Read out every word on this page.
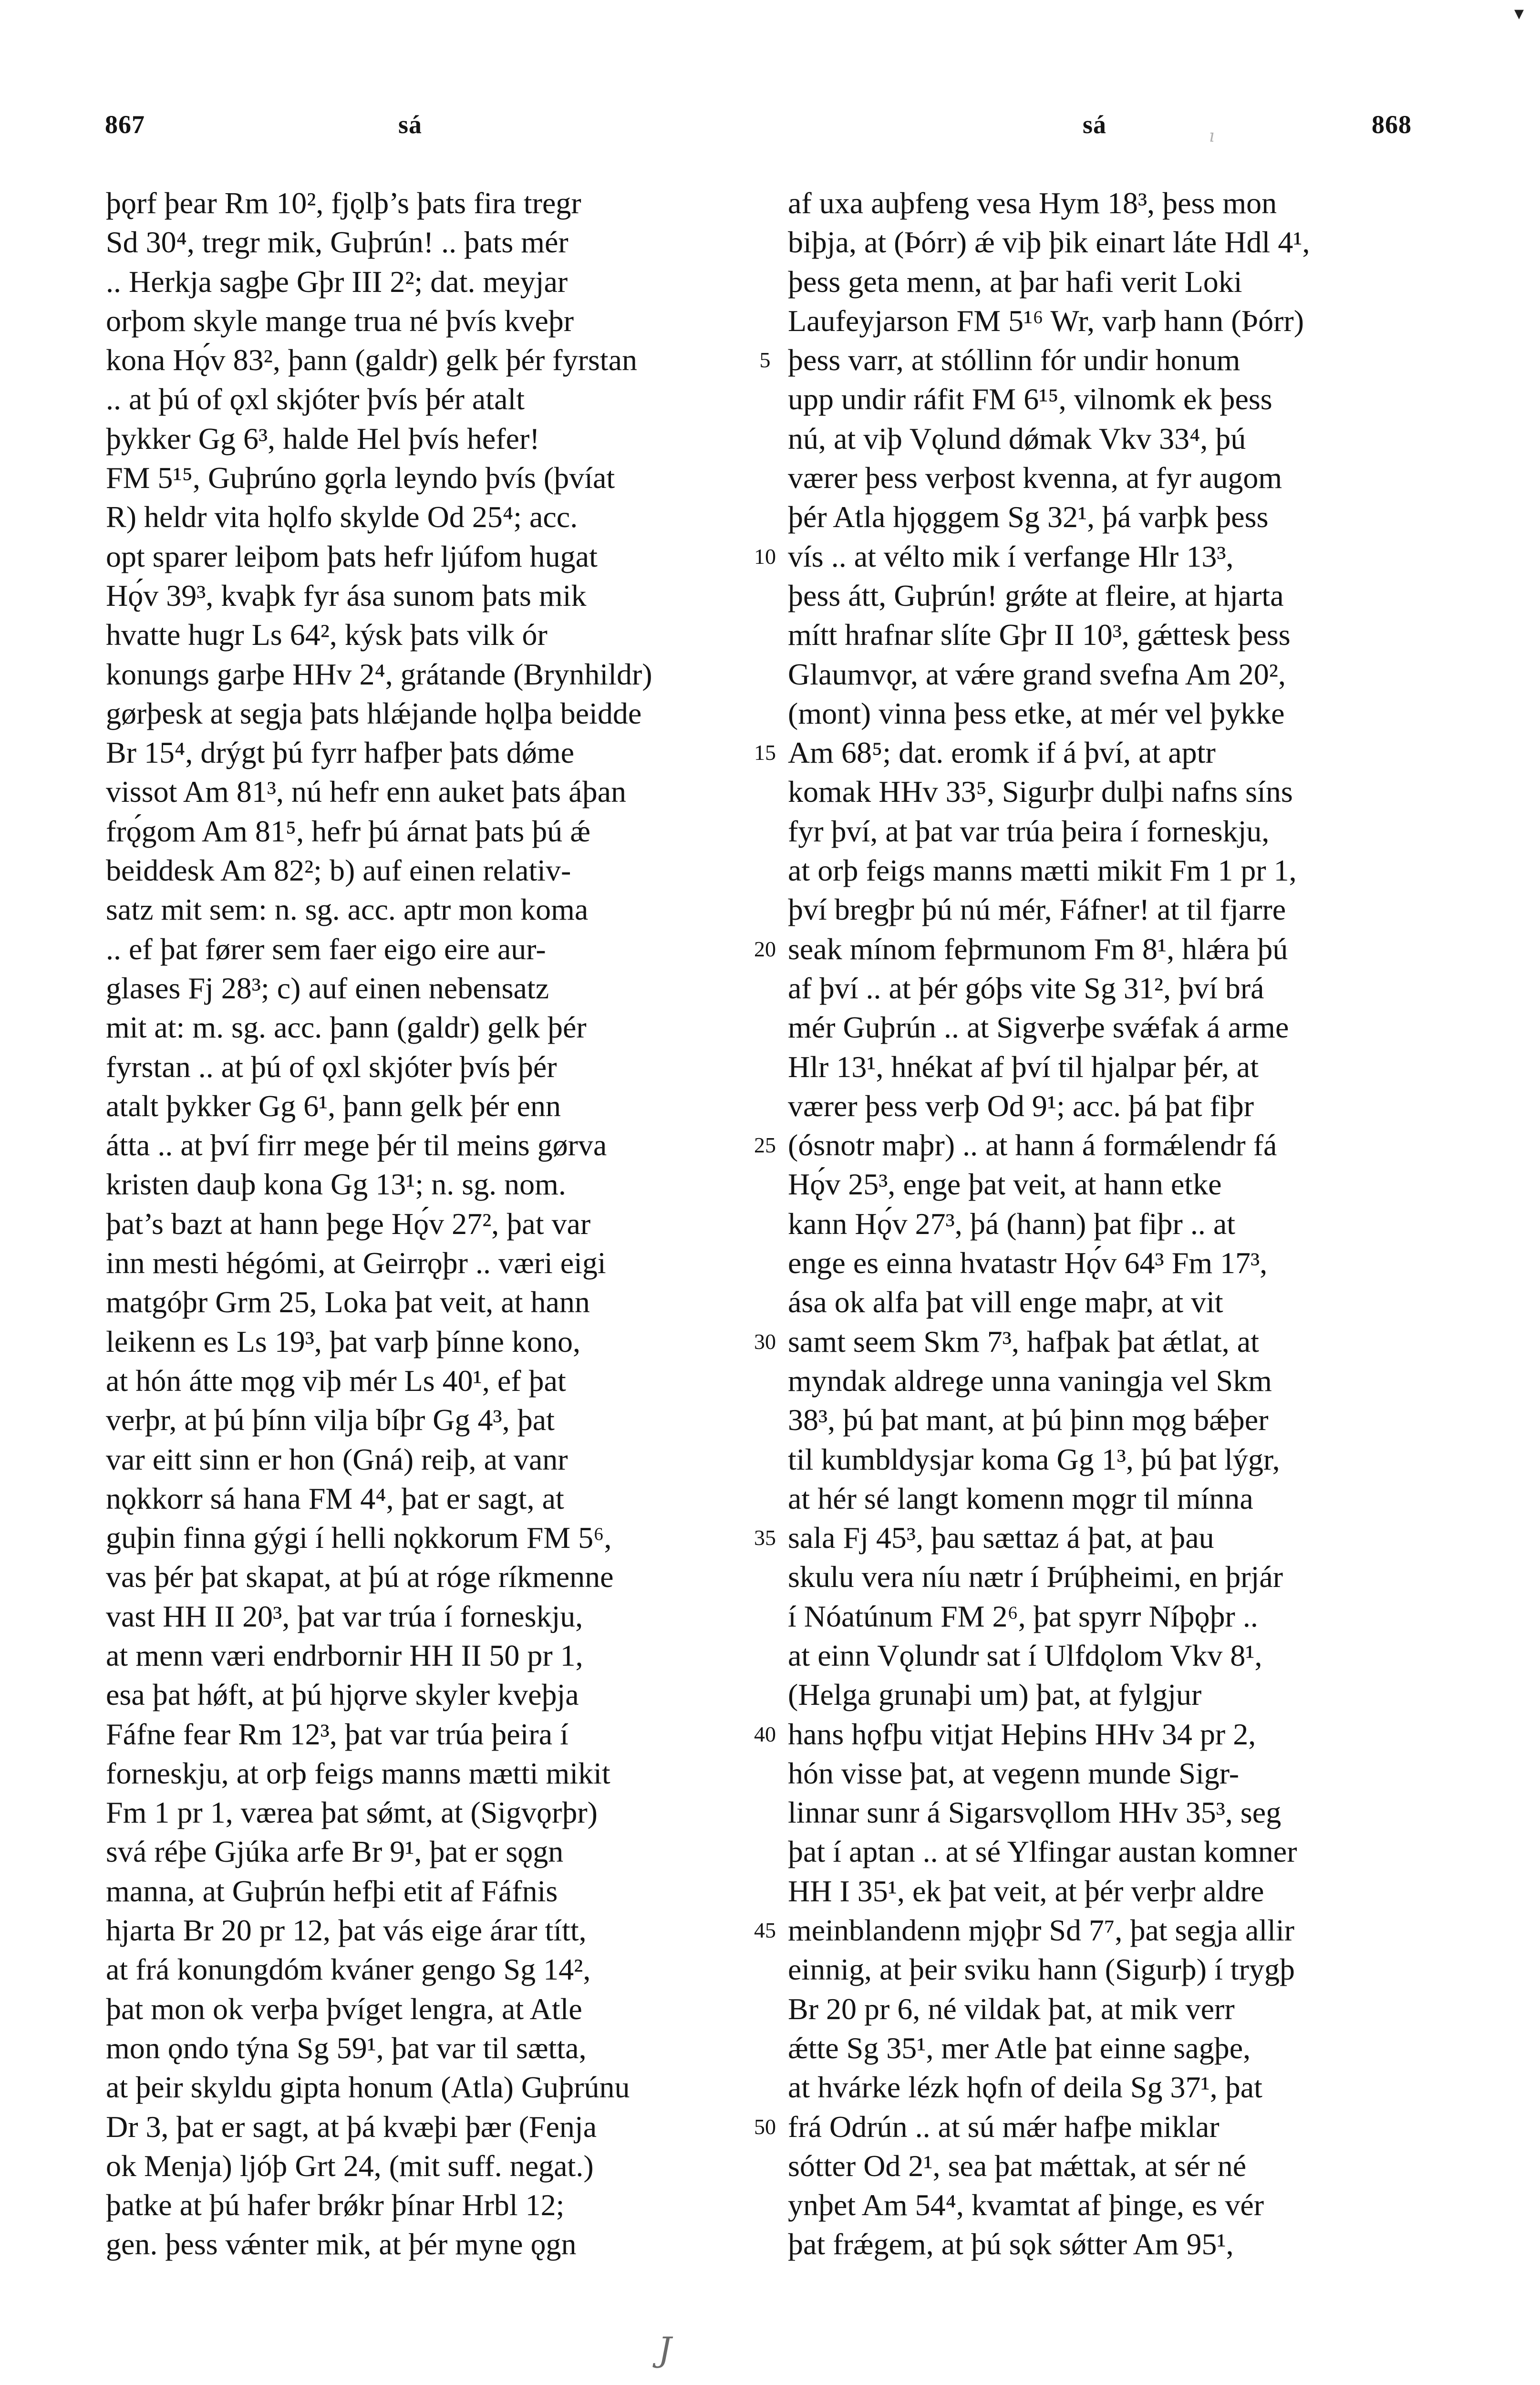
867	sá	sá	868
ı
▾
þǫrf þear Rm 10², fjǫlþ’s þats fira tregr
Sd 30⁴, tregr mik, Guþrún! .. þats mér
.. Herkja sagþe Gþr III 2²; dat. meyjar
orþom skyle mange trua né þvís kveþr
kona Hǫ́v 83², þann (galdr) gelk þér fyrstan
.. at þú of ǫxl skjóter þvís þér atalt
þykker Gg 6³, halde Hel þvís hefer!
FM 5¹⁵, Guþrúno gǫrla leyndo þvís (þvíat
R) heldr vita hǫlfo skylde Od 25⁴; acc.
opt sparer leiþom þats hefr ljúfom hugat
Hǫ́v 39³, kvaþk fyr ása sunom þats mik
hvatte hugr Ls 64², kýsk þats vilk ór
konungs garþe HHv 2⁴, grátande (Brynhildr)
gørþesk at segja þats hlǽjande hǫlþa beidde
Br 15⁴, drýgt þú fyrr hafþer þats dǿme
vissot Am 81³, nú hefr enn auket þats áþan
frǫ́gom Am 81⁵, hefr þú árnat þats þú ǽ
beiddesk Am 82²; b) auf einen relativ-
satz mit sem: n. sg. acc. aptr mon koma
.. ef þat fører sem faer eigo eire aur-
glases Fj 28³; c) auf einen nebensatz
mit at: m. sg. acc. þann (galdr) gelk þér
fyrstan .. at þú of ǫxl skjóter þvís þér
atalt þykker Gg 6¹, þann gelk þér enn
átta .. at því firr mege þér til meins gørva
kristen dauþ kona Gg 13¹; n. sg. nom.
þat’s bazt at hann þege Hǫ́v 27², þat var
inn mesti hégómi, at Geirrǫþr .. væri eigi
matgóþr Grm 25, Loka þat veit, at hann
leikenn es Ls 19³, þat varþ þínne kono,
at hón átte mǫg viþ mér Ls 40¹, ef þat
verþr, at þú þínn vilja bíþr Gg 4³, þat
var eitt sinn er hon (Gná) reiþ, at vanr
nǫkkorr sá hana FM 4⁴, þat er sagt, at
guþin finna gýgi í helli nǫkkorum FM 5⁶,
vas þér þat skapat, at þú at róge ríkmenne
vast HH II 20³, þat var trúa í forneskju,
at menn væri endrbornir HH II 50 pr 1,
esa þat hǿft, at þú hjǫrve skyler kveþja
Fáfne fear Rm 12³, þat var trúa þeira í
forneskju, at orþ feigs manns mætti mikit
Fm 1 pr 1, værea þat sǿmt, at (Sigvǫrþr)
svá réþe Gjúka arfe Br 9¹, þat er sǫgn
manna, at Guþrún hefþi etit af Fáfnis
hjarta Br 20 pr 12, þat vás eige árar títt,
at frá konungdóm kváner gengo Sg 14²,
þat mon ok verþa þvíget lengra, at Atle
mon ǫndo týna Sg 59¹, þat var til sætta,
at þeir skyldu gipta honum (Atla) Guþrúnu
Dr 3, þat er sagt, at þá kvæþi þær (Fenja
ok Menja) ljóþ Grt 24, (mit suff. negat.)
þatke at þú hafer brǿkr þínar Hrbl 12;
gen. þess vǽnter mik, at þér myne ǫgn
5
10
15
20
25
30
35
40
45
50
af uxa auþfeng vesa Hym 18³, þess mon
biþja, at (Þórr) ǽ viþ þik einart láte Hdl 4¹,
þess geta menn, at þar hafi verit Loki
Laufeyjarson FM 5¹⁶ Wr, varþ hann (Þórr)
þess varr, at stóllinn fór undir honum
upp undir ráfit FM 6¹⁵, vilnomk ek þess
nú, at viþ Vǫlund dǿmak Vkv 33⁴, þú
værer þess verþost kvenna, at fyr augom
þér Atla hjǫggem Sg 32¹, þá varþk þess
vís .. at vélto mik í verfange Hlr 13³,
þess átt, Guþrún! grǿte at fleire, at hjarta
mítt hrafnar slíte Gþr II 10³, gǽttesk þess
Glaumvǫr, at vǽre grand svefna Am 20²,
(mont) vinna þess etke, at mér vel þykke
Am 68⁵; dat. eromk if á því, at aptr
komak HHv 33⁵, Sigurþr dulþi nafns síns
fyr því, at þat var trúa þeira í forneskju,
at orþ feigs manns mætti mikit Fm 1 pr 1,
því bregþr þú nú mér, Fáfner! at til fjarre
seak mínom feþrmunom Fm 8¹, hlǽra þú
af því .. at þér góþs vite Sg 31², því brá
mér Guþrún .. at Sigverþe svǽfak á arme
Hlr 13¹, hnékat af því til hjalpar þér, at
værer þess verþ Od 9¹; acc. þá þat fiþr
(ósnotr maþr) .. at hann á formǽlendr fá
Hǫ́v 25³, enge þat veit, at hann etke
kann Hǫ́v 27³, þá (hann) þat fiþr .. at
enge es einna hvatastr Hǫ́v 64³ Fm 17³,
ása ok alfa þat vill enge maþr, at vit
samt seem Skm 7³, hafþak þat ǽtlat, at
myndak aldrege unna vaningja vel Skm
38³, þú þat mant, at þú þinn mǫg bǽþer
til kumbldysjar koma Gg 1³, þú þat lýgr,
at hér sé langt komenn mǫgr til mínna
sala Fj 45³, þau sættaz á þat, at þau
skulu vera níu nætr í Þrúþheimi, en þrjár
í Nóatúnum FM 2⁶, þat spyrr Níþǫþr ..
at einn Vǫlundr sat í Ulfdǫlom Vkv 8¹,
(Helga grunaþi um) þat, at fylgjur
hans hǫfþu vitjat Heþins HHv 34 pr 2,
hón visse þat, at vegenn munde Sigr-
linnar sunr á Sigarsvǫllom HHv 35³, seg
þat í aptan .. at sé Ylfingar austan komner
HH I 35¹, ek þat veit, at þér verþr aldre
meinblandenn mjǫþr Sd 7⁷, þat segja allir
einnig, at þeir sviku hann (Sigurþ) í trygþ
Br 20 pr 6, né vildak þat, at mik verr
ǽtte Sg 35¹, mer Atle þat einne sagþe,
at hvárke lézk hǫfn of deila Sg 37¹, þat
frá Odrún .. at sú mǽr hafþe miklar
sótter Od 2¹, sea þat mǽttak, at sér né
ynþet Am 54⁴, kvamtat af þinge, es vér
þat frǽgem, at þú sǫk sǿtter Am 95¹,
J
